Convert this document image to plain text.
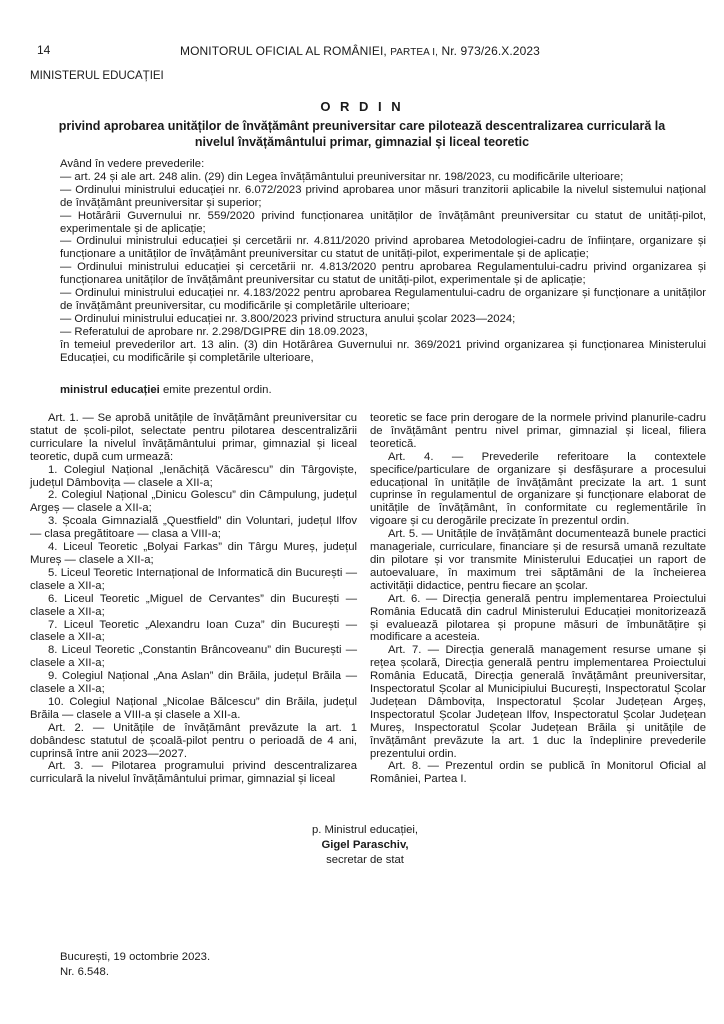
14	MONITORUL OFICIAL AL ROMÂNIEI, PARTEA I, Nr. 973/26.X.2023
MINISTERUL EDUCAȚIEI
O R D I N
privind aprobarea unităților de învățământ preuniversitar care pilotează descentralizarea curriculară la nivelul învățământului primar, gimnazial și liceal teoretic

Având în vedere prevederile:

— art. 24 și ale art. 248 alin. (29) din Legea învățământului preuniversitar nr. 198/2023, cu modificările ulterioare;

— Ordinului ministrului educației nr. 6.072/2023 privind aprobarea unor măsuri tranzitorii aplicabile la nivelul sistemului național de învățământ preuniversitar și superior;

— Hotărârii Guvernului nr. 559/2020 privind funcționarea unităților de învățământ preuniversitar cu statut de unități-pilot, experimentale și de aplicație;

— Ordinului ministrului educației și cercetării nr. 4.811/2020 privind aprobarea Metodologiei-cadru de înființare, organizare și funcționare a unităților de învățământ preuniversitar cu statut de unități-pilot, experimentale și de aplicație;

— Ordinului ministrului educației și cercetării nr. 4.813/2020 pentru aprobarea Regulamentului-cadru privind organizarea și funcționarea unităților de învățământ preuniversitar cu statut de unități-pilot, experimentale și de aplicație;

— Ordinului ministrului educației nr. 4.183/2022 pentru aprobarea Regulamentului-cadru de organizare și funcționare a unităților de învățământ preuniversitar, cu modificările și completările ulterioare;

— Ordinului ministrului educației nr. 3.800/2023 privind structura anului școlar 2023—2024;

— Referatului de aprobare nr. 2.298/DGIPRE din 18.09.2023,

în temeiul prevederilor art. 13 alin. (3) din Hotărârea Guvernului nr. 369/2021 privind organizarea și funcționarea Ministerului Educației, cu modificările și completările ulterioare,

ministrul educației emite prezentul ordin.

Art. 1. — Se aprobă unitățile de învățământ preuniversitar cu statut de școli-pilot, selectate pentru pilotarea descentralizării curriculare la nivelul învățământului primar, gimnazial și liceal teoretic, după cum urmează:

1. Colegiul Național „Ienăchiță Văcărescu” din Târgoviște, județul Dâmbovița — clasele a XII-a;

2. Colegiul Național „Dinicu Golescu” din Câmpulung, județul Argeș — clasele a XII-a;

3. Școala Gimnazială „Questfield” din Voluntari, județul Ilfov — clasa pregătitoare — clasa a VIII-a;

4. Liceul Teoretic „Bolyai Farkas” din Târgu Mureș, județul Mureș — clasele a XII-a;

5. Liceul Teoretic Internațional de Informatică din București — clasele a XII-a;

6. Liceul Teoretic „Miguel de Cervantes” din București — clasele a XII-a;

7. Liceul Teoretic „Alexandru Ioan Cuza” din București — clasele a XII-a;

8. Liceul Teoretic „Constantin Brâncoveanu” din București — clasele a XII-a;

9. Colegiul Național „Ana Aslan” din Brăila, județul Brăila — clasele a XII-a;

10. Colegiul Național „Nicolae Bălcescu” din Brăila, județul Brăila — clasele a VIII-a și clasele a XII-a.

Art. 2. — Unitățile de învățământ prevăzute la art. 1 dobândesc statutul de școală-pilot pentru o perioadă de 4 ani, cuprinsă între anii 2023—2027.

Art. 3. — Pilotarea programului privind descentralizarea curriculară la nivelul învățământului primar, gimnazial și liceal

teoretic se face prin derogare de la normele privind planurile-cadru de învățământ pentru nivel primar, gimnazial și liceal, filiera teoretică.

Art. 4. — Prevederile referitoare la contextele specifice/particulare de organizare și desfășurare a procesului educațional în unitățile de învățământ precizate la art. 1 sunt cuprinse în regulamentul de organizare și funcționare elaborat de unitățile de învățământ, în conformitate cu reglementările în vigoare și cu derogările precizate în prezentul ordin.

Art. 5. — Unitățile de învățământ documentează bunele practici manageriale, curriculare, financiare și de resursă umană rezultate din pilotare și vor transmite Ministerului Educației un raport de autoevaluare, în maximum trei săptămâni de la încheierea activității didactice, pentru fiecare an școlar.

Art. 6. — Direcția generală pentru implementarea Proiectului România Educată din cadrul Ministerului Educației monitorizează și evaluează pilotarea și propune măsuri de îmbunătățire și modificare a acesteia.

Art. 7. — Direcția generală management resurse umane și rețea școlară, Direcția generală pentru implementarea Proiectului România Educată, Direcția generală învățământ preuniversitar, Inspectoratul Școlar al Municipiului București, Inspectoratul Școlar Județean Dâmbovița, Inspectoratul Școlar Județean Argeș, Inspectoratul Școlar Județean Ilfov, Inspectoratul Școlar Județean Mureș, Inspectoratul Școlar Județean Brăila și unitățile de învățământ prevăzute la art. 1 duc la îndeplinire prevederile prezentului ordin.

Art. 8. — Prezentul ordin se publică în Monitorul Oficial al României, Partea I.

p. Ministrul educației,
Gigel Paraschiv,
secretar de stat
București, 19 octombrie 2023.
Nr. 6.548.
